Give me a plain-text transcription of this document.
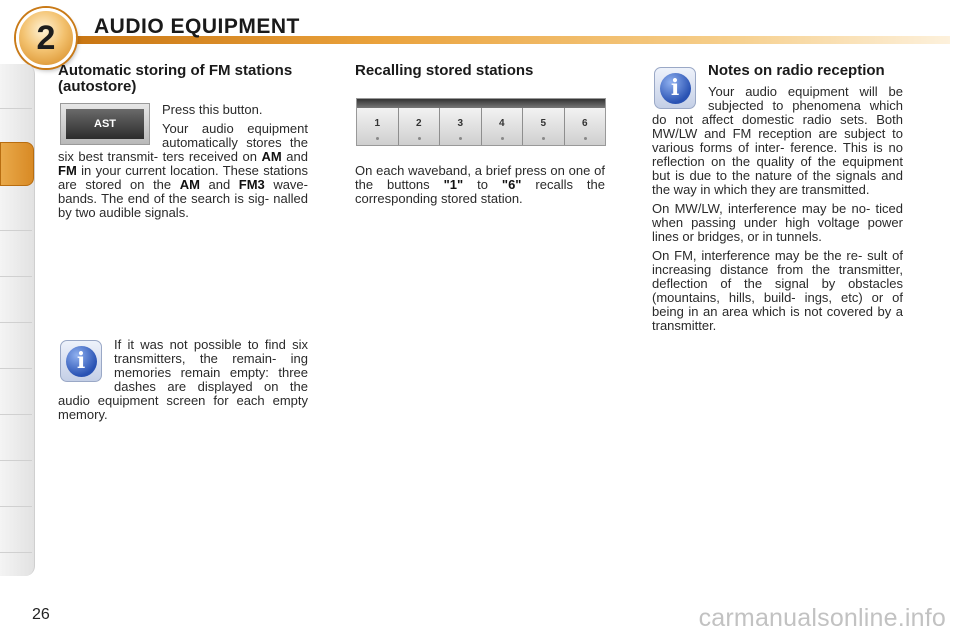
2 AUDIO EQUIPMENT
Automatic storing of FM stations (autostore)
AST

Press this button.

Your audio equipment automatically stores the six best transmit- ters received on AM and FM in your current location. These stations are stored on the AM and FM3 wave- bands. The end of the search is sig- nalled by two audible signals.

i

If it was not possible to find six transmitters, the remain- ing memories remain empty: three dashes are displayed on the audio equipment screen for each empty memory.

Recalling stored stations
1	2	3	4	5	6

On each waveband, a brief press on one of the buttons "1" to "6" recalls the corresponding stored station.

i
Notes on radio reception

Your audio equipment will be subjected to phenomena which do not affect domestic radio sets. Both MW/LW and FM reception are subject to various forms of inter- ference. This is no reflection on the quality of the equipment but is due to the nature of the signals and the way in which they are transmitted.

On MW/LW, interference may be no- ticed when passing under high voltage power lines or bridges, or in tunnels.

On FM, interference may be the re- sult of increasing distance from the transmitter, deflection of the signal by obstacles (mountains, hills, build- ings, etc) or of being in an area which is not covered by a transmitter.

26	carmanualsonline.info
